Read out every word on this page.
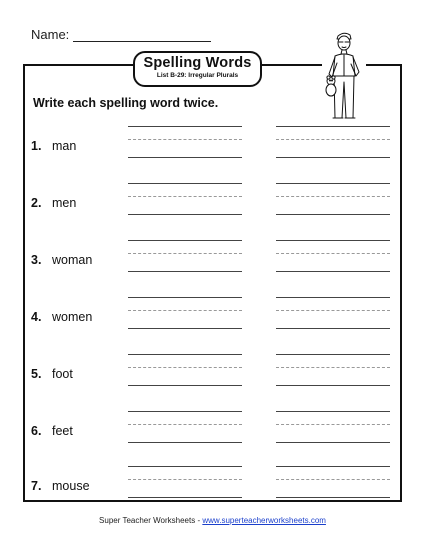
Name:
Spelling Words
List B-29: Irregular Plurals
Write each spelling word twice.
1. man
2. men
3. woman
4. women
5. foot
6. feet
7. mouse
Super Teacher Worksheets - www.superteacherworksheets.com
